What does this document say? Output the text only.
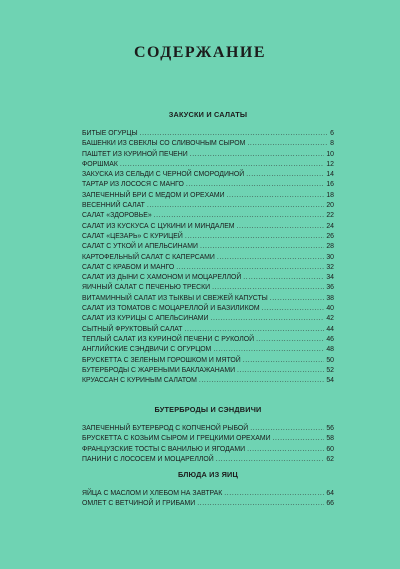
СОДЕРЖАНИЕ
ЗАКУСКИ И САЛАТЫ
БИТЫЕ ОГУРЦЫ .....	6
БАШЕНКИ ИЗ СВЕКЛЫ СО СЛИВОЧНЫМ СЫРОМ .....	8
ПАШТЕТ ИЗ КУРИНОЙ ПЕЧЕНИ .....	10
ФОРШМАК .....	12
ЗАКУСКА ИЗ СЕЛЬДИ С ЧЕРНОЙ СМОРОДИНОЙ .....	14
ТАРТАР ИЗ ЛОСОСЯ С МАНГО .....	16
ЗАПЕЧЕННЫЙ БРИ С МЕДОМ И ОРЕХАМИ .....	18
ВЕСЕННИЙ САЛАТ .....	20
САЛАТ «ЗДОРОВЬЕ» .....	22
САЛАТ ИЗ КУСКУСА С ЦУКИНИ И МИНДАЛЕМ .....	24
САЛАТ «ЦЕЗАРЬ» С КУРИЦЕЙ .....	26
САЛАТ С УТКОЙ И АПЕЛЬСИНАМИ .....	28
КАРТОФЕЛЬНЫЙ САЛАТ С КАПЕРСАМИ .....	30
САЛАТ С КРАБОМ И МАНГО .....	32
САЛАТ ИЗ ДЫНИ С ХАМОНОМ И МОЦАРЕЛЛОЙ .....	34
ЯИЧНЫЙ САЛАТ С ПЕЧЕНЬЮ ТРЕСКИ .....	36
ВИТАМИННЫЙ САЛАТ ИЗ ТЫКВЫ И СВЕЖЕЙ КАПУСТЫ .....	38
САЛАТ ИЗ ТОМАТОВ С МОЦАРЕЛЛОЙ И БАЗИЛИКОМ .....	40
САЛАТ ИЗ КУРИЦЫ С АПЕЛЬСИНАМИ .....	42
СЫТНЫЙ ФРУКТОВЫЙ САЛАТ .....	44
ТЕПЛЫЙ САЛАТ ИЗ КУРИНОЙ ПЕЧЕНИ С РУКОЛОЙ .....	46
АНГЛИЙСКИЕ СЭНДВИЧИ С ОГУРЦОМ .....	48
БРУСКЕТТА С ЗЕЛЕНЫМ ГОРОШКОМ И МЯТОЙ .....	50
БУТЕРБРОДЫ С ЖАРЕНЫМИ БАКЛАЖАНАМИ .....	52
КРУАССАН С КУРИНЫМ САЛАТОМ .....	54
БУТЕРБРОДЫ И СЭНДВИЧИ
ЗАПЕЧЕННЫЙ БУТЕРБРОД С КОПЧЕНОЙ РЫБОЙ .....	56
БРУСКЕТТА С КОЗЬИМ СЫРОМ И ГРЕЦКИМИ ОРЕХАМИ .....	58
ФРАНЦУЗСКИЕ ТОСТЫ С ВАНИЛЬЮ И ЯГОДАМИ .....	60
ПАНИНИ С ЛОСОСЕМ И МОЦАРЕЛЛОЙ .....	62
БЛЮДА ИЗ ЯИЦ
ЯЙЦА С МАСЛОМ И ХЛЕБОМ НА ЗАВТРАК .....	64
ОМЛЕТ С ВЕТЧИНОЙ И ГРИБАМИ .....	66
